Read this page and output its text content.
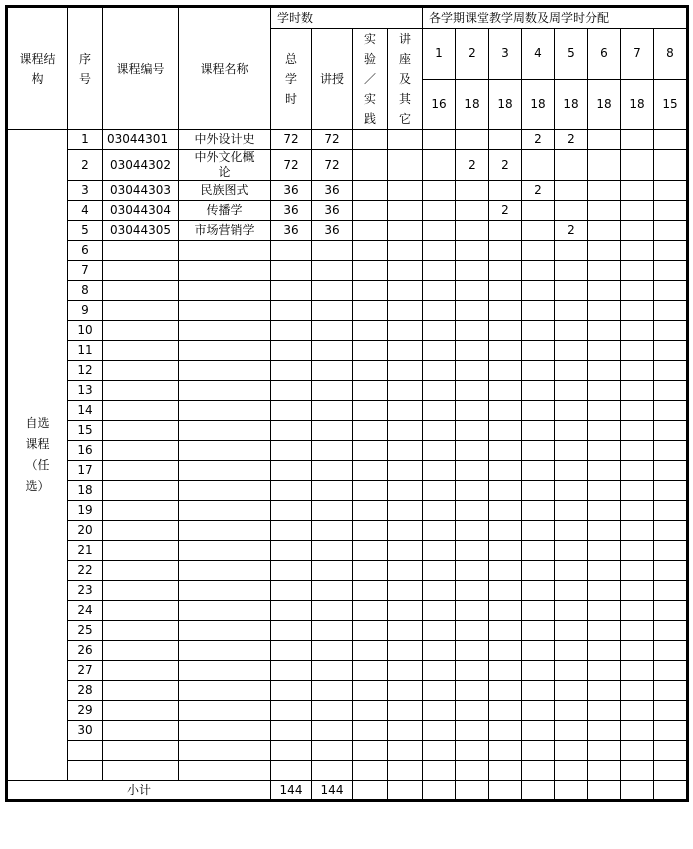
课程结构	序号	课程编号	课程名称	学时数				各学期课堂教学周数及周学时分配							
				总学时	讲授	实验／实践	讲座及其它	1	2	3	4	5	6	7	8
								16	18	18	18	18	18	18	15
自选课程（任选）	1	03044301	中外设计史	72	72						2	2			
	2	03044302	中外文化概论	72	72				2	2					
	3	03044303	民族图式	36	36						2				
	4	03044304	传播学	36	36					2					
	5	03044305	市场营销学	36	36							2			
	6														
	7														
	8														
	9														
	10														
	11														
	12														
	13														
	14														
	15														
	16														
	17														
	18														
	19														
	20														
	21														
	22														
	23														
	24														
	25														
	26														
	27														
	28														
	29														
	30														

小计				144	144										
